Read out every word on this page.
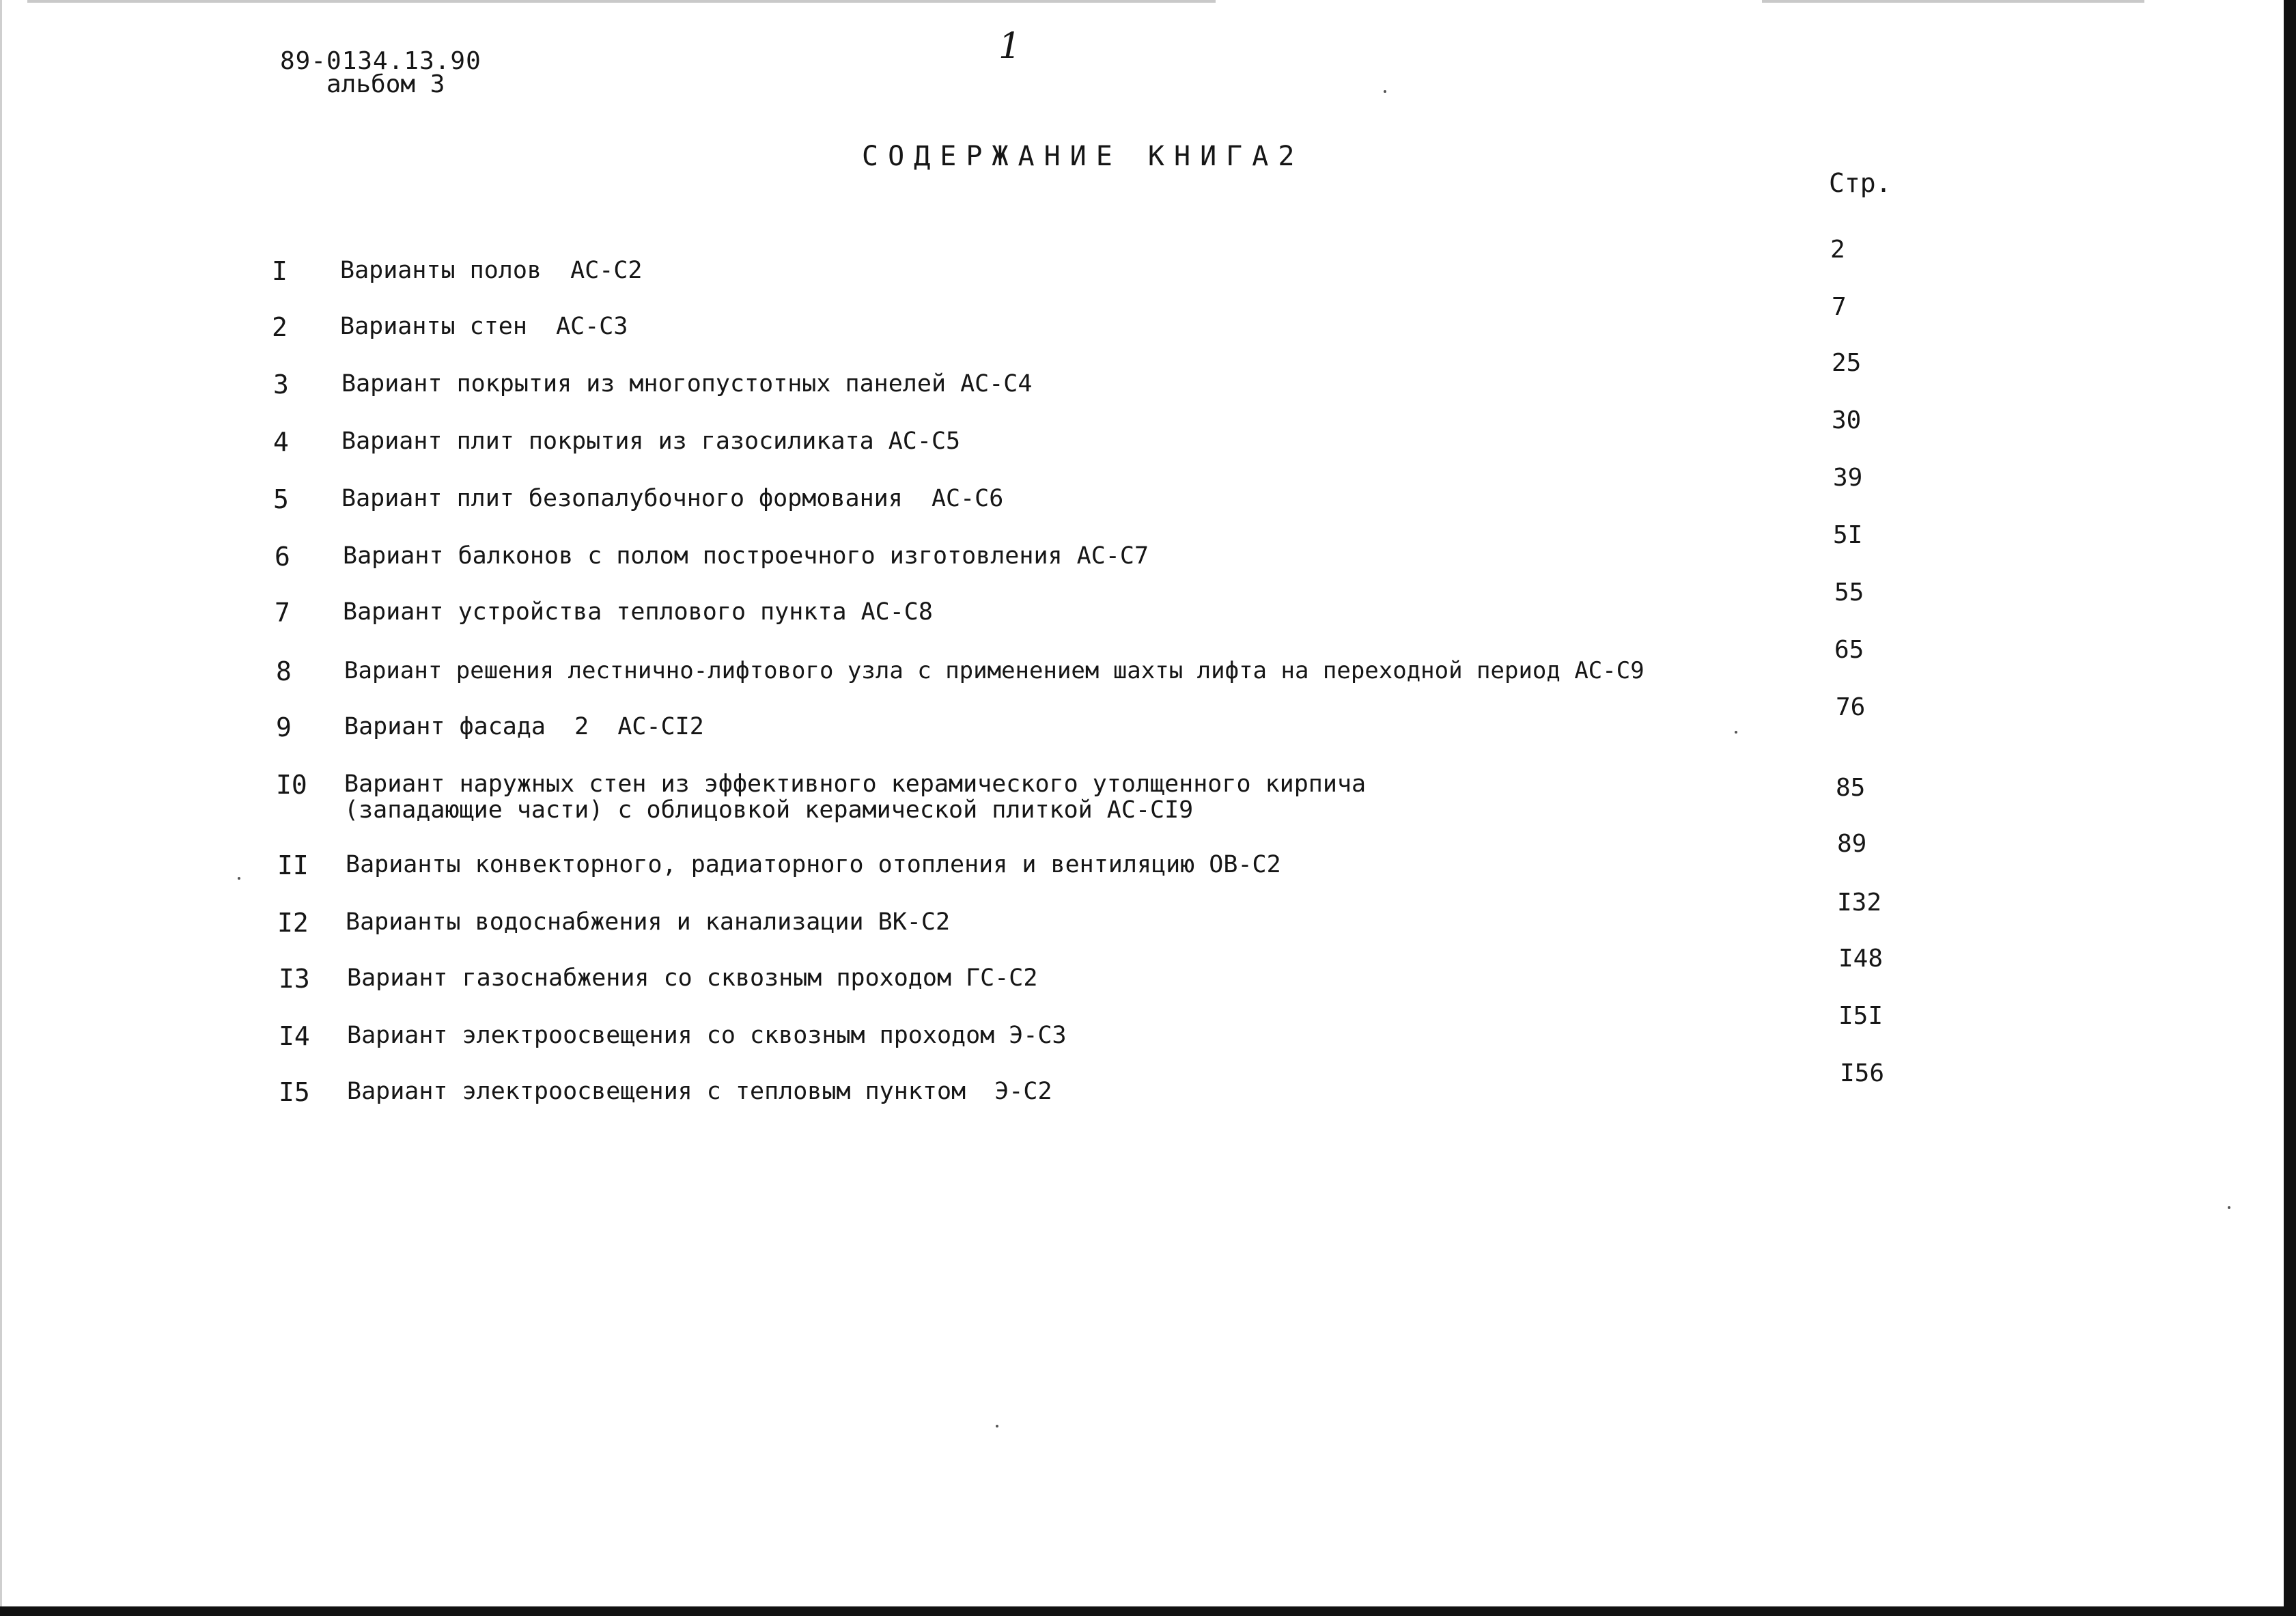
89-0134.13.90
альбом 3
1
СОДЕРЖАНИЕ КНИГА2
Стр.
I Варианты полов  АС-С2
2
2 Варианты стен  АС-С3
7
3 Вариант покрытия из многопустотных панелей АС-С4
25
4 Вариант плит покрытия из газосиликата АС-С5
30
5 Вариант плит безопалубочного формования  АС-С6
39
6 Вариант балконов с полом построечного изготовления АС-С7
5I
7 Вариант устройства теплового пункта АС-С8
55
8 Вариант решения лестнично-лифтового узла с применением шахты лифта на переходной период АС-С9
65
9 Вариант фасада  2  АС-СI2
76
I0 Вариант наружных стен из эффективного керамического утолщенного кирпича
(западающие части) с облицовкой керамической плиткой АС-СI9
85
II Варианты конвекторного, радиаторного отопления и вентиляцию ОВ-С2
89
I2 Варианты водоснабжения и канализации ВК-С2
I32
I3 Вариант газоснабжения со сквозным проходом ГС-С2
I48
I4 Вариант электроосвещения со сквозным проходом Э-С3
I5I
I5 Вариант электроосвещения с тепловым пунктом  Э-С2
I56
